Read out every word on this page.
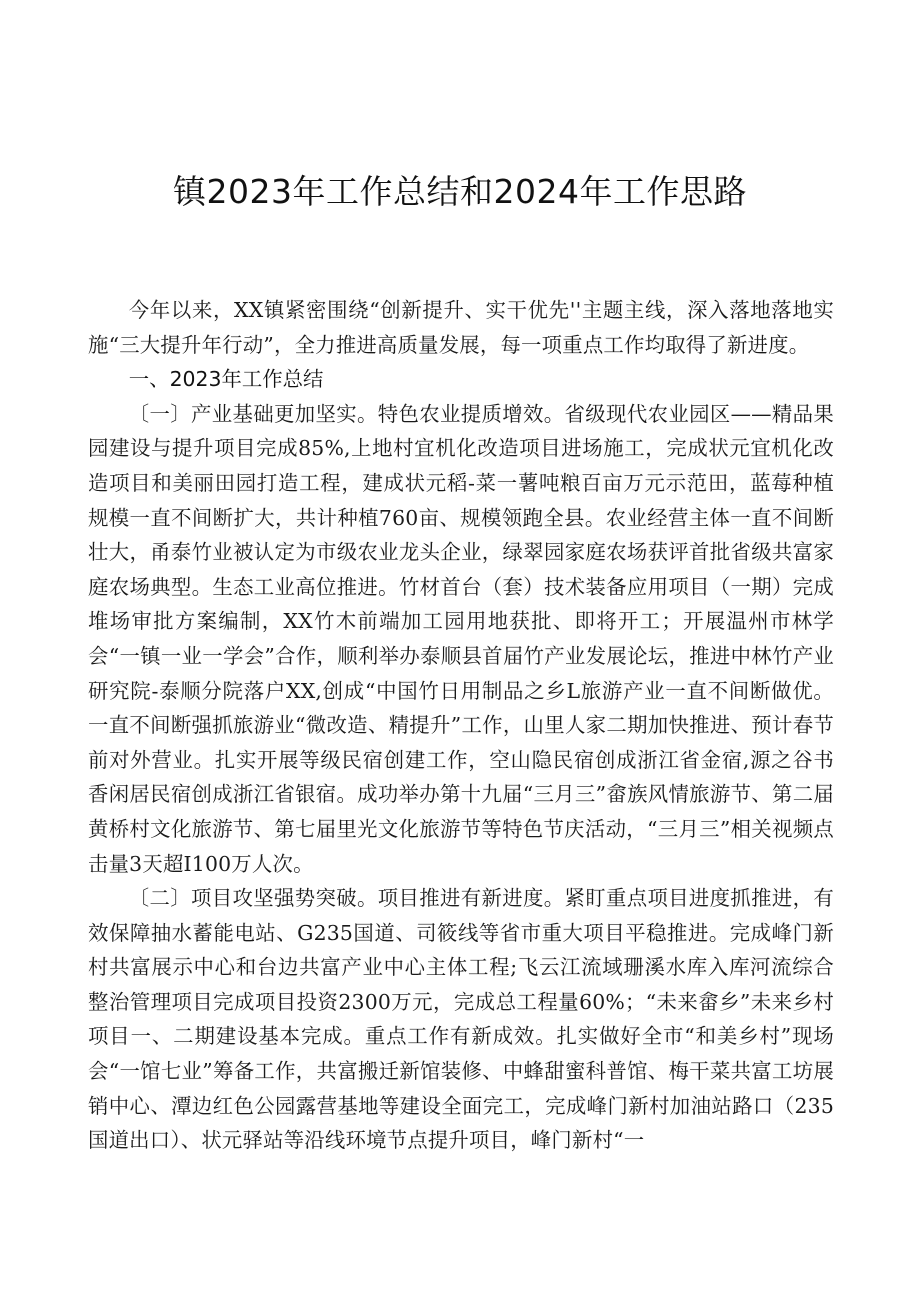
镇2023年工作总结和2024年工作思路

今年以来，XX镇紧密围绕“创新提升、实干优先''主题主线，深入落地落地实施“三大提升年行动”，全力推进高质量发展，每一项重点工作均取得了新进度。

一、2023年工作总结

〔一〕产业基础更加坚实。特色农业提质增效。省级现代农业园区——精品果园建设与提升项目完成85%,上地村宜机化改造项目进场施工，完成状元宜机化改造项目和美丽田园打造工程，建成状元稻-菜一薯吨粮百亩万元示范田，蓝莓种植规模一直不间断扩大，共计种植760亩、规模领跑全县。农业经营主体一直不间断壮大，甬泰竹业被认定为市级农业龙头企业，绿翠园家庭农场获评首批省级共富家庭农场典型。生态工业高位推进。竹材首台（套）技术装备应用项目（一期）完成堆场审批方案编制，XX竹木前端加工园用地获批、即将开工；开展温州市林学会“一镇一业一学会”合作，顺利举办泰顺县首届竹产业发展论坛，推进中林竹产业研究院-泰顺分院落户XX,创成“中国竹日用制品之乡L旅游产业一直不间断做优。一直不间断强抓旅游业“微改造、精提升”工作，山里人家二期加快推进、预计春节前对外营业。扎实开展等级民宿创建工作，空山隐民宿创成浙江省金宿,源之谷书香闲居民宿创成浙江省银宿。成功举办第十九届“三月三”畲族风情旅游节、第二届黄桥村文化旅游节、第七届里光文化旅游节等特色节庆活动，“三月三”相关视频点击量3天超I100万人次。

〔二〕项目攻坚强势突破。项目推进有新进度。紧盯重点项目进度抓推进，有效保障抽水蓄能电站、G235国道、司筱线等省市重大项目平稳推进。完成峰门新村共富展示中心和台边共富产业中心主体工程;飞云江流域珊溪水库入库河流综合整治管理项目完成项目投资2300万元，完成总工程量60%；“未来畲乡”未来乡村项目一、二期建设基本完成。重点工作有新成效。扎实做好全市“和美乡村”现场会“一馆七业”筹备工作，共富搬迁新馆装修、中蜂甜蜜科普馆、梅干菜共富工坊展销中心、潭边红色公园露营基地等建设全面完工，完成峰门新村加油站路口（235国道出口）、状元驿站等沿线环境节点提升项目，峰门新村“一
